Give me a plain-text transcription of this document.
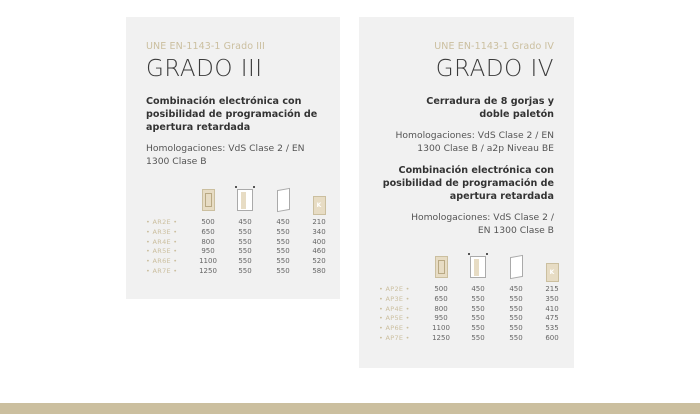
UNE EN-1143-1 Grado III
GRADO III
Combinación electrónica con posibilidad de programación de apertura retardada
Homologaciones: VdS Clase 2 / EN 1300 Clase B

		K
• AR2E •	500	450	450	210
• AR3E •	650	550	550	340
• AR4E •	800	550	550	400
• AR5E •	950	550	550	460
• AR6E •	1100	550	550	520
• AR7E •	1250	550	550	580
UNE EN-1143-1 Grado IV
GRADO IV
Cerradura de 8 gorjas y doble paletón
Homologaciones: VdS Clase 2 / EN 1300 Clase B / a2p Niveau BE
Combinación electrónica con posibilidad de programación de apertura retardada
Homologaciones: VdS Clase 2 / EN 1300 Clase B

		K
• AP2E •	500	450	450	215
• AP3E •	650	550	550	350
• AP4E •	800	550	550	410
• AP5E •	950	550	550	475
• AP6E •	1100	550	550	535
• AP7E •	1250	550	550	600
